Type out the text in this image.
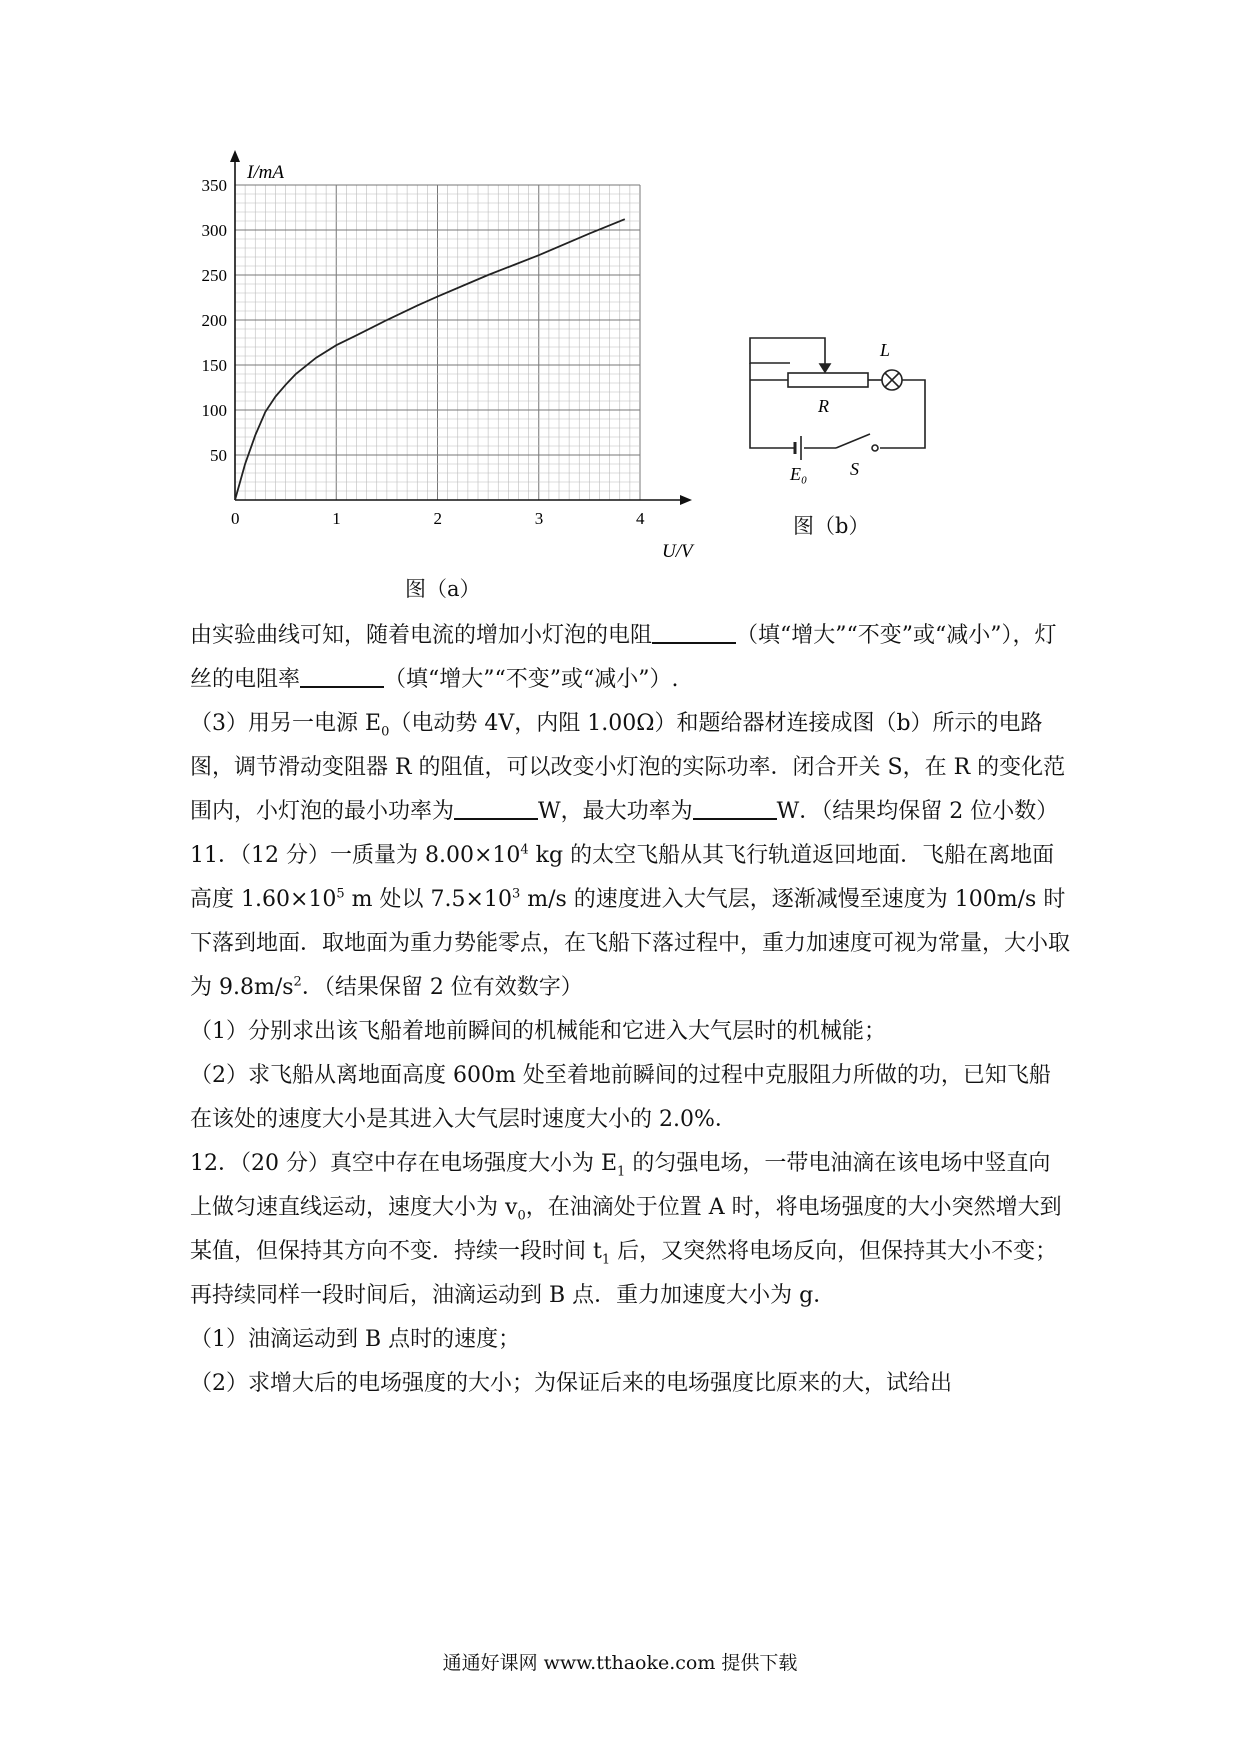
0	1	2	3	4
50
100
150
200
250
300
350
I/mA
U/V
图（a）
L
R
E₀ S
图（b）

由实验曲线可知，随着电流的增加小灯泡的电阻	（填“增大”“不变”或“减小”），灯丝的电阻率	（填“增大”“不变”或“减小”）.

（3）用另一电源 $E_0$（电动势 4V，内阻 1.00Ω）和题给器材连接成图（b）所示的电路图，调节滑动变阻器 R 的阻值，可以改变小灯泡的实际功率．闭合开关 S，在 R 的变化范围内，小灯泡的最小功率为	W，最大功率为	W．（结果均保留 2 位小数）

11．（12 分）一质量为 $8.00\times 10^4$ kg 的太空飞船从其飞行轨道返回地面．飞船在离地面高度 $1.60\times 10^5$ m 处以 $7.5\times 10^3$ m/s 的速度进入大气层，逐渐减慢至速度为 100m/s 时下落到地面．取地面为重力势能零点，在飞船下落过程中，重力加速度可视为常量，大小取为 $9.8m/s^2$．（结果保留 2 位有效数字）

（1）分别求出该飞船着地前瞬间的机械能和它进入大气层时的机械能；

（2）求飞船从离地面高度 600m 处至着地前瞬间的过程中克服阻力所做的功，已知飞船在该处的速度大小是其进入大气层时速度大小的 2.0%．

12．（20 分）真空中存在电场强度大小为 $E_1$ 的匀强电场，一带电油滴在该电场中竖直向上做匀速直线运动，速度大小为 $v_0$，在油滴处于位置 A 时，将电场强度的大小突然增大到某值，但保持其方向不变．持续一段时间 $t_1$ 后，又突然将电场反向，但保持其大小不变；再持续同样一段时间后，油滴运动到 B 点．重力加速度大小为 g．

（1）油滴运动到 B 点时的速度；

（2）求增大后的电场强度的大小；为保证后来的电场强度比原来的大，试给出

通通好课网 www.tthaoke.com 提供下载
